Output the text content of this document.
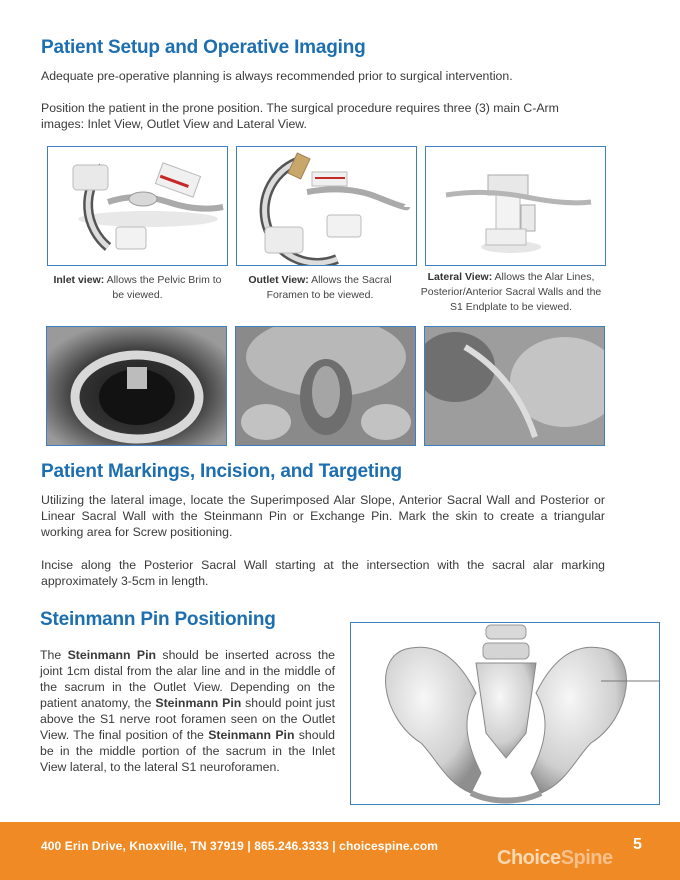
Patient Setup and Operative Imaging

Adequate pre-operative planning is always recommended prior to surgical intervention.

Position the patient in the prone position. The surgical procedure requires three (3) main C-Arm images: Inlet View, Outlet View and Lateral View.

Inlet view: Allows the Pelvic Brim to be viewed.
Outlet View: Allows the Sacral Foramen to be viewed.
Lateral View: Allows the Alar Lines, Posterior/Anterior Sacral Walls and the S1 Endplate to be viewed.
Patient Markings, Incision, and Targeting

Utilizing the lateral image, locate the Superimposed Alar Slope, Anterior Sacral Wall and Posterior or Linear Sacral Wall with the Steinmann Pin or Exchange Pin. Mark the skin to create a triangular working area for Screw positioning.

Incise along the Posterior Sacral Wall starting at the intersection with the sacral alar marking approximately 3-5cm in length.

Steinmann Pin Positioning

The Steinmann Pin should be inserted across the joint 1cm distal from the alar line and in the middle of the sacrum in the Outlet View. Depending on the patient anatomy, the Steinmann Pin should point just above the S1 nerve root foramen seen on the Outlet View. The final position of the Steinmann Pin should be in the middle portion of the sacrum in the Inlet View lateral, to the lateral S1 neuroforamen.

400 Erin Drive, Knoxville, TN 37919 | 865.246.3333 | choicespine.com
ChoiceSpine
5
